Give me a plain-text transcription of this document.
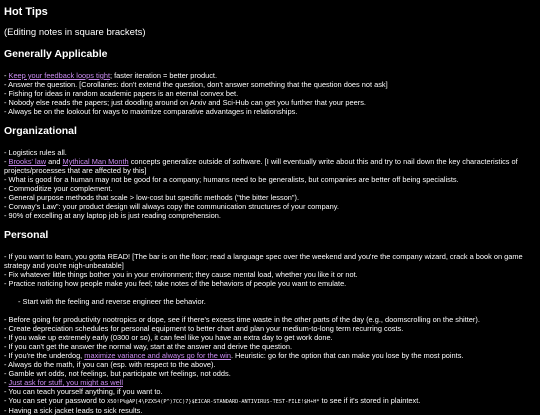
Hot Tips
(Editing notes in square brackets)
Generally Applicable

- Keep your feedback loops tight; faster iteration = better product.

- Answer the question. [Corollaries: don't extend the question, don't answer something that the question does not ask]

- Fishing for ideas in random academic papers is an eternal convex bet.

- Nobody else reads the papers; just doodling around on Arxiv and Sci-Hub can get you further that your peers.

- Always be on the lookout for ways to maximize comparative advantages in relationships.

Organizational

- Logistics rules all.

- Brooks' law and Mythical Man Month concepts generalize outside of software. [I will eventually write about this and try to nail down the key characteristics of projects/processes that are affected by this]

- What is good for a human may not be good for a company; humans need to be generalists, but companies are better off being specialists.

- Commoditize your complement.

- General purpose methods that scale > low-cost but specific methods ("the bitter lesson").

- Conway's Law": your product design will always copy the communication structures of your company.

- 90% of excelling at any laptop job is just reading comprehension.

Personal

- If you want to learn, you gotta READ! [The bar is on the floor; read a language spec over the weekend and you're the company wizard, crack a book on game strategy and you're nigh-unbeatable]

- Fix whatever little things bother you in your environment; they cause mental load, whether you like it or not.

- Practice noticing how people make you feel; take notes of the behaviors of people you want to emulate.

- Start with the feeling and reverse engineer the behavior.

- Before going for productivity nootropics or dope, see if there's excess time waste in the other parts of the day (e.g., doomscrolling on the shitter).

- Create depreciation schedules for personal equipment to better chart and plan your medium-to-long term recurring costs.

- If you wake up extremely early (0300 or so), it can feel like you have an extra day to get work done.

- If you can't get the answer the normal way, start at the answer and derive the question.

- If you're the underdog, maximize variance and always go for the win. Heuristic: go for the option that can make you lose by the most points.

- Always do the math, if you can (esp. with respect to the above).

- Gamble wrt odds, not feelings, but participate wrt feelings, not odds.

- Just ask for stuff, you might as well

- You can teach yourself anything, if you want to.

- You can set your password to X5O!P%@AP[4\PZX54(P^)7CC)7}$EICAR-STANDARD-ANTIVIRUS-TEST-FILE!$H+H* to see if it's stored in plaintext.

- Having a sick jacket leads to sick results.
